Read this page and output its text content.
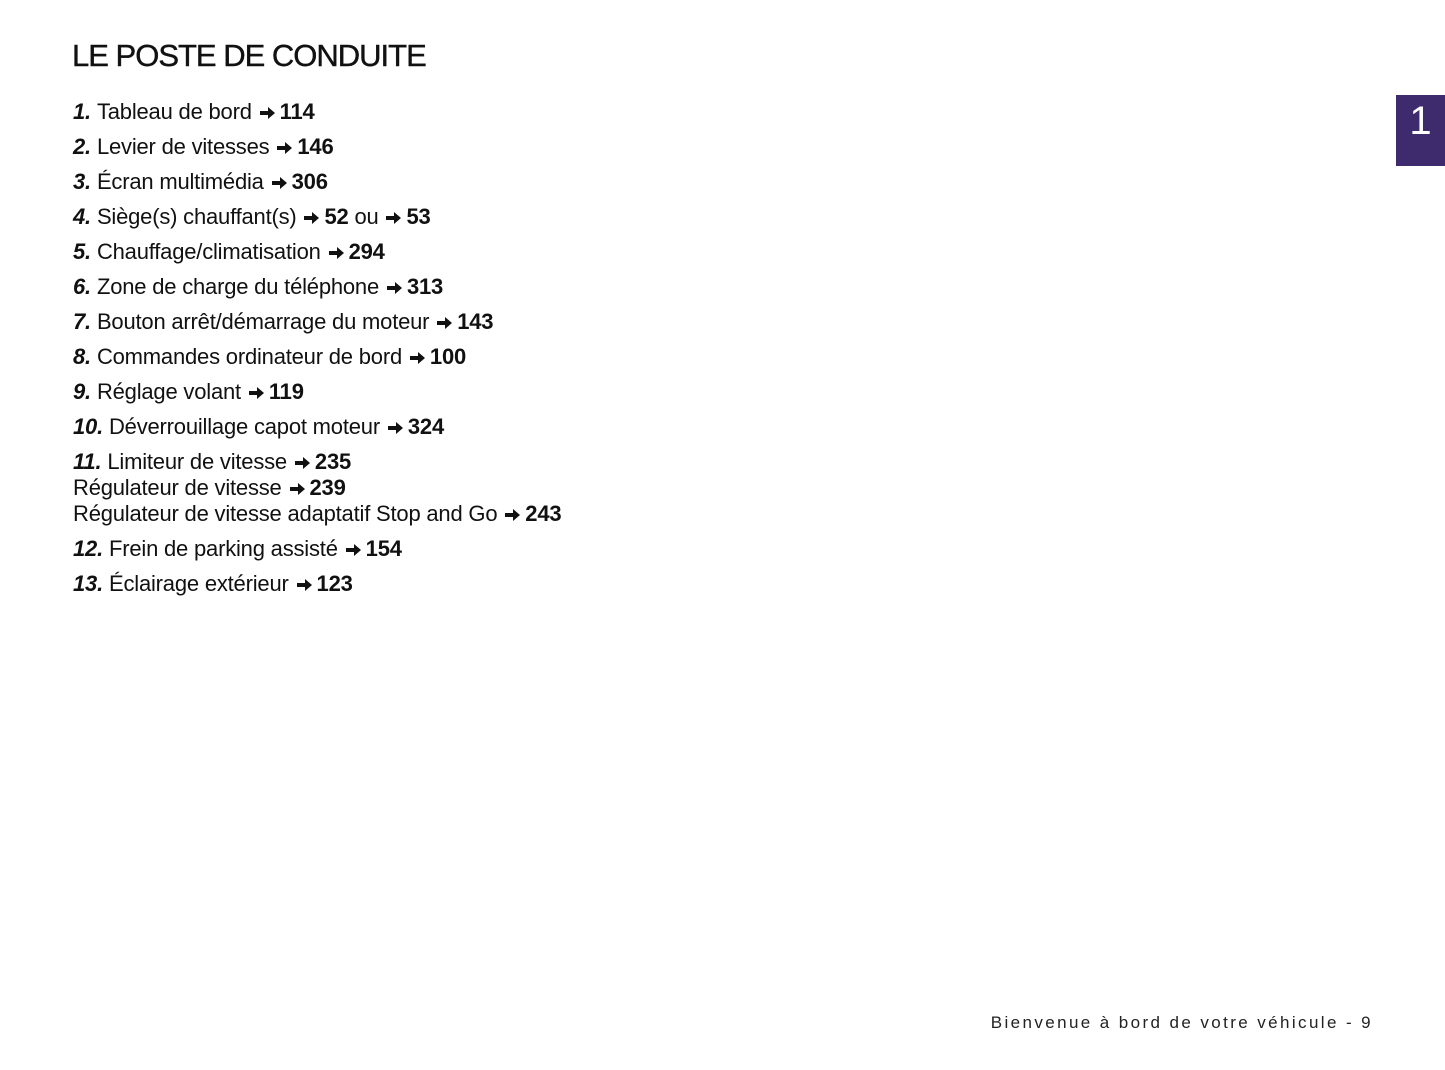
LE POSTE DE CONDUITE
1
1. Tableau de bord 114
2. Levier de vitesses 146
3. Écran multimédia 306
4. Siège(s) chauffant(s) 52 ou 53
5. Chauffage/climatisation 294
6. Zone de charge du téléphone 313
7. Bouton arrêt/démarrage du moteur 143
8. Commandes ordinateur de bord 100
9. Réglage volant 119
10. Déverrouillage capot moteur 324
11. Limiteur de vitesse 235
Régulateur de vitesse 239
Régulateur de vitesse adaptatif Stop and Go 243
12. Frein de parking assisté 154
13. Éclairage extérieur 123
Bienvenue à bord de votre véhicule - 9
